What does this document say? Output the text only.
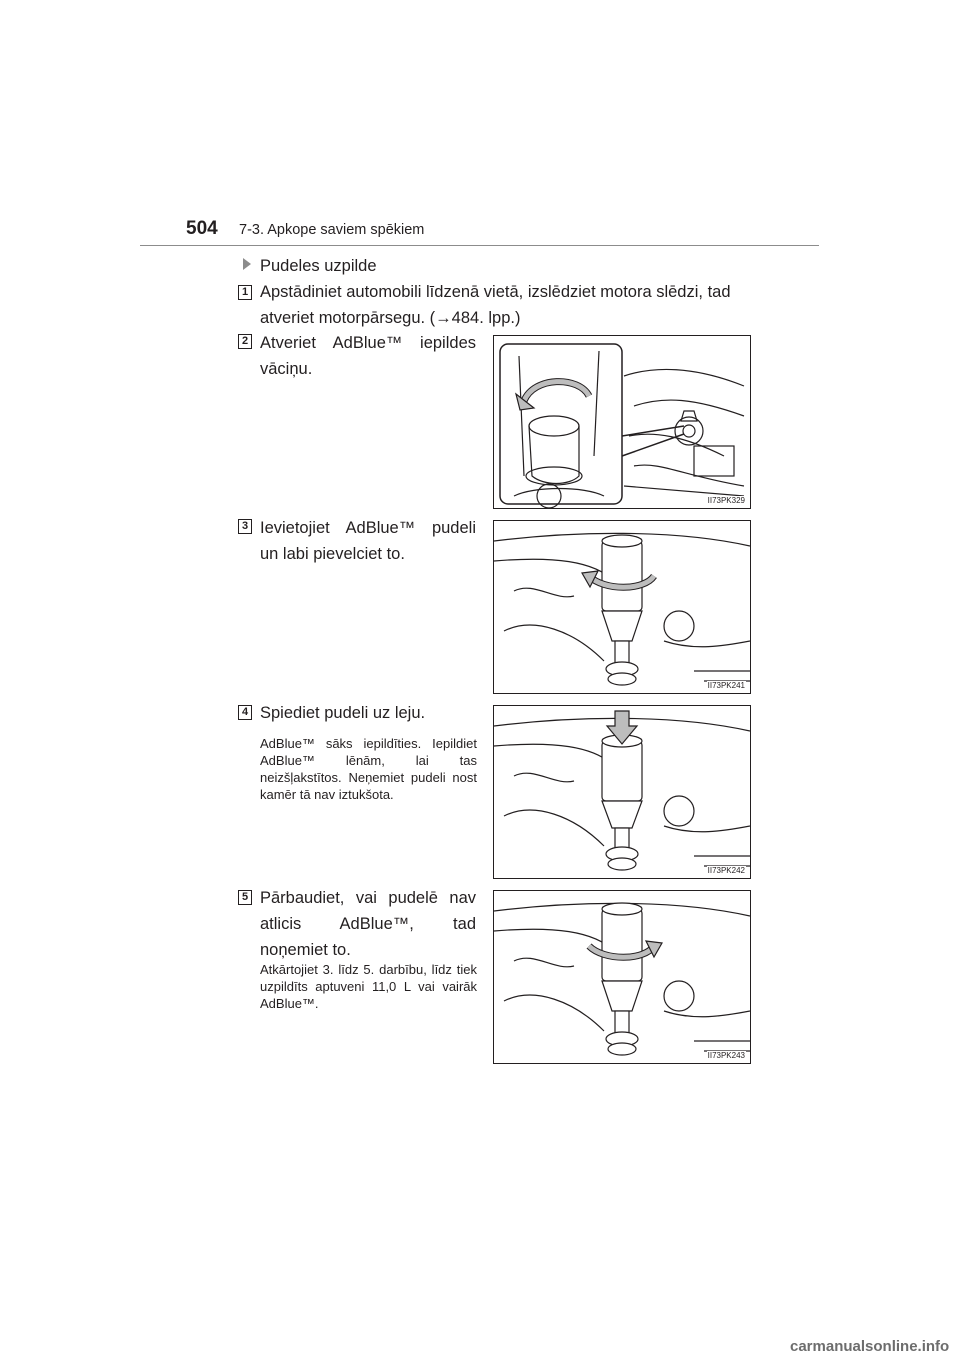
504 7-3. Apkope saviem spēkiem
Pudeles uzpilde
1 Apstādiniet automobili līdzenā vietā, izslēdziet motora slēdzi, tad
atveriet motorpārsegu. (→484. lpp.)
2 Atveriet AdBlue™ iepildes
vāciņu.
II73PK329
3 Ievietojiet AdBlue™ pudeli
un labi pievelciet to.
II73PK241
4 Spiediet pudeli uz leju.
AdBlue™ sāks iepildīties. Iepildiet AdBlue™ lēnām, lai tas neizšļakstītos. Neņemiet pudeli nost kamēr tā nav iztukšota.
II73PK242
5 Pārbaudiet, vai pudelē nav
atlicis AdBlue™, tad
noņemiet to.
Atkārtojiet 3. līdz 5. darbību, līdz tiek uzpildīts aptuveni 11,0 L vai vairāk AdBlue™.
II73PK243
carmanualsonline.info
